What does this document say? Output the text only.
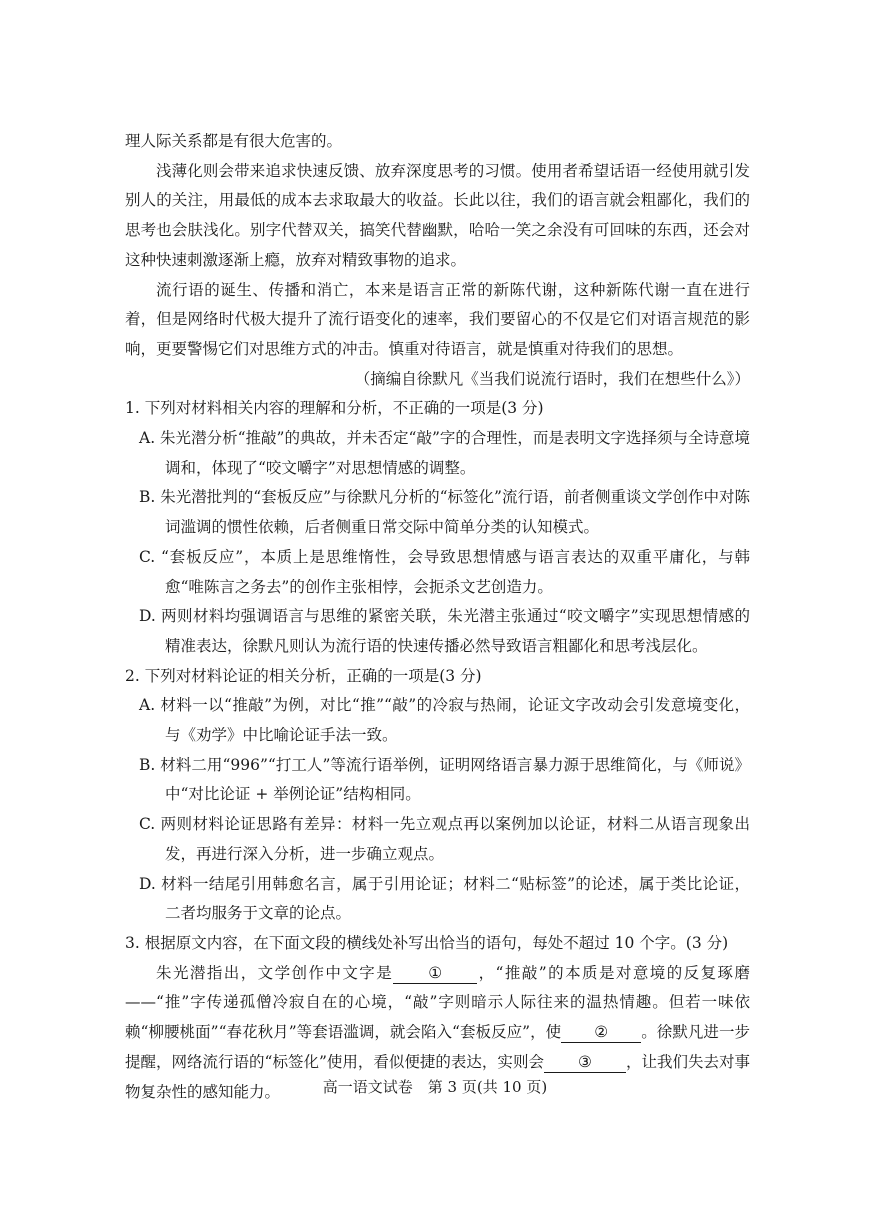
理人际关系都是有很大危害的。

浅薄化则会带来追求快速反馈、放弃深度思考的习惯。使用者希望话语一经使用就引发别人的关注，用最低的成本去求取最大的收益。长此以往，我们的语言就会粗鄙化，我们的思考也会肤浅化。别字代替双关，搞笑代替幽默，哈哈一笑之余没有可回味的东西，还会对这种快速刺激逐渐上瘾，放弃对精致事物的追求。

流行语的诞生、传播和消亡，本来是语言正常的新陈代谢，这种新陈代谢一直在进行着，但是网络时代极大提升了流行语变化的速率，我们要留心的不仅是它们对语言规范的影响，更要警惕它们对思维方式的冲击。慎重对待语言，就是慎重对待我们的思想。

（摘编自徐默凡《当我们说流行语时，我们在想些什么》）

1. 下列对材料相关内容的理解和分析，不正确的一项是(3 分)

A. 朱光潜分析“推敲”的典故，并未否定“敲”字的合理性，而是表明文字选择须与全诗意境调和，体现了“咬文嚼字”对思想情感的调整。

B. 朱光潜批判的“套板反应”与徐默凡分析的“标签化”流行语，前者侧重谈文学创作中对陈词滥调的惯性依赖，后者侧重日常交际中简单分类的认知模式。

C. “套板反应”，本质上是思维惰性，会导致思想情感与语言表达的双重平庸化，与韩愈“唯陈言之务去”的创作主张相悖，会扼杀文艺创造力。

D. 两则材料均强调语言与思维的紧密关联，朱光潜主张通过“咬文嚼字”实现思想情感的精准表达，徐默凡则认为流行语的快速传播必然导致语言粗鄙化和思考浅层化。

2. 下列对材料论证的相关分析，正确的一项是(3 分)

A. 材料一以“推敲”为例，对比“推”“敲”的冷寂与热闹，论证文字改动会引发意境变化，与《劝学》中比喻论证手法一致。

B. 材料二用“996”“打工人”等流行语举例，证明网络语言暴力源于思维简化，与《师说》中“对比论证 + 举例论证”结构相同。

C. 两则材料论证思路有差异：材料一先立观点再以案例加以论证，材料二从语言现象出发，再进行深入分析，进一步确立观点。

D. 材料一结尾引用韩愈名言，属于引用论证；材料二“贴标签”的论述，属于类比论证，二者均服务于文章的论点。

3. 根据原文内容，在下面文段的横线处补写出恰当的语句，每处不超过 10 个字。(3 分)

朱光潜指出，文学创作中文字是 ① ，“推敲”的本质是对意境的反复琢磨——“推”字传递孤僧冷寂自在的心境，“敲”字则暗示人际往来的温热情趣。但若一味依赖“柳腰桃面”“春花秋月”等套语滥调，就会陷入“套板反应”，使 ② 。徐默凡进一步提醒，网络流行语的“标签化”使用，看似便捷的表达，实则会 ③ ，让我们失去对事物复杂性的感知能力。	高一语文试卷　第 3 页(共 10 页)
